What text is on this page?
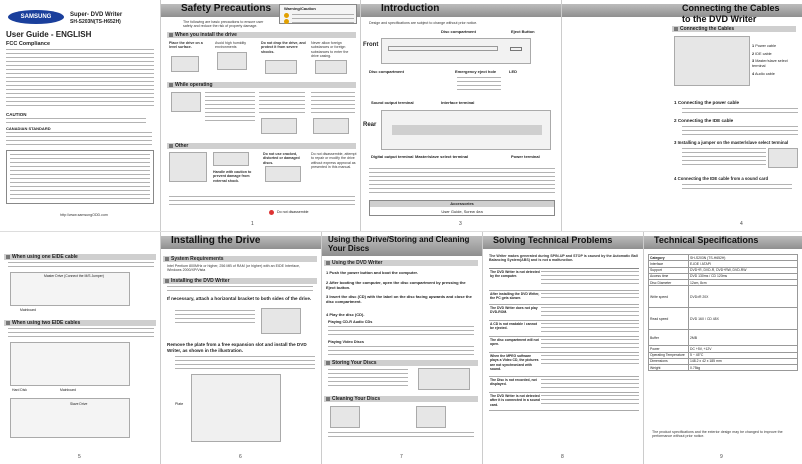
SAMSUNG	Super- DVD Writer
SH-S203N(TS-H652H)
User Guide - ENGLISH
FCC Compliance
CAUTION
CANADIAN STANDARD
http://www.samsungODD.com
Safety Precautions
The following are basic precautions to ensure user safety and reduce the risk of property damage.
Warning/Caution
When you install the drive
Place the drive on a level surface.
Avoid high humidity environments
Do not drop the drive, and protect it from severe shocks.
Never allow foreign substances or foreign substances to enter the drive casing.
While operating
Other
Handle with caution to prevent damage from external shock.
Do not use cracked, distorted or damaged discs.
Do not disassemble, attempt to repair or modify the drive without express approval as presented in this manual.
Do not disassemble
1
Introduction
Design and specifications are subject to change without prior notice.
Front
Disc compartment	Eject Button
Disc compartment	Emergency eject hole	LED
Sound output terminal	Interface terminal
Rear
Digital output terminal Master/slave select terminal	Power terminal
Accessories
User Guide, Screw 4ea
3
Connecting the Cables
to the DVD Writer
Connecting the Cables
1 Power cable
2 IDE cable
3 Master/slave select terminal
4 Audio cable
1 Connecting the power cable
2 Connecting the IDE cable
3 Installing a jumper on the master/slave select terminal
4 Connecting the IDE cable from a sound card
4
When using one EIDE cable
Master Drive (Connect the M/S Jumper)
Mainboard
When using two EIDE cables
Hard Disk	Mainboard
Slave Drive
5
Installing the Drive
System Requirements
Intel Pentium 800MHz or higher, 256 MB of RAM (or higher) with an EIDE Interface, Windows 2000/XP/Vista
Installing the DVD Writer
If necessary, attach a horizontal bracket to both sides of the drive.
Remove the plate from a free expansion slot and install the DVD Writer, as shown in the illustration.
Plate
6
Using the Drive/Storing and Cleaning Your Discs
Using the DVD Writer
1 Push the power button and boot the computer.
2 After booting the computer, open the disc compartment by pressing the Eject button.
3 Insert the disc (CD) with the label on the disc facing upwards and close the disc compartment.
4 Play the disc (CD).
Playing CD-R Audio CDs
Playing Video Discs
Storing Your Discs
Cleaning Your Discs
7
Solving Technical Problems
The Writer makes generated during SPIN-UP and STOP is caused by the Automatic Ball Balancing System(ABS) and is not a malfunction.
The DVD Writer is not detected by the computer.
After installing the DVD Writer, the PC gets slower.
The DVD Writer does not play DVD-ROM.
A CD is not readable / cannot be ejected.
The disc compartment will not open.
When the MPEG software plays a Video CD, the pictures are not synchronized with sound.
The Disc is not recorded, not displayed.
The DVD Writer is not detected after it is connected in a sound card.
8
Technical Specifications
Category	SH-S203N (TS-H652H)
Interface	E-IDE / ATAPI
Support	DVD+R, DVD-R, DVD+RW, DVD-RW
Access time	DVD 130ms / CD 120ms
Disc Diameter	12cm, 8cm
Write speed	DVD±R 20X
Read speed	DVD 16X / CD 48X
Buffer	2MB
Power	DC +5V, +12V
Operating Temperature	5 ~ 45°C
Dimensions	148.2 x 42 x 185 mm
Weight	0.75kg
The product specifications and the exterior design may be changed to improve the performance without prior notice.
9
